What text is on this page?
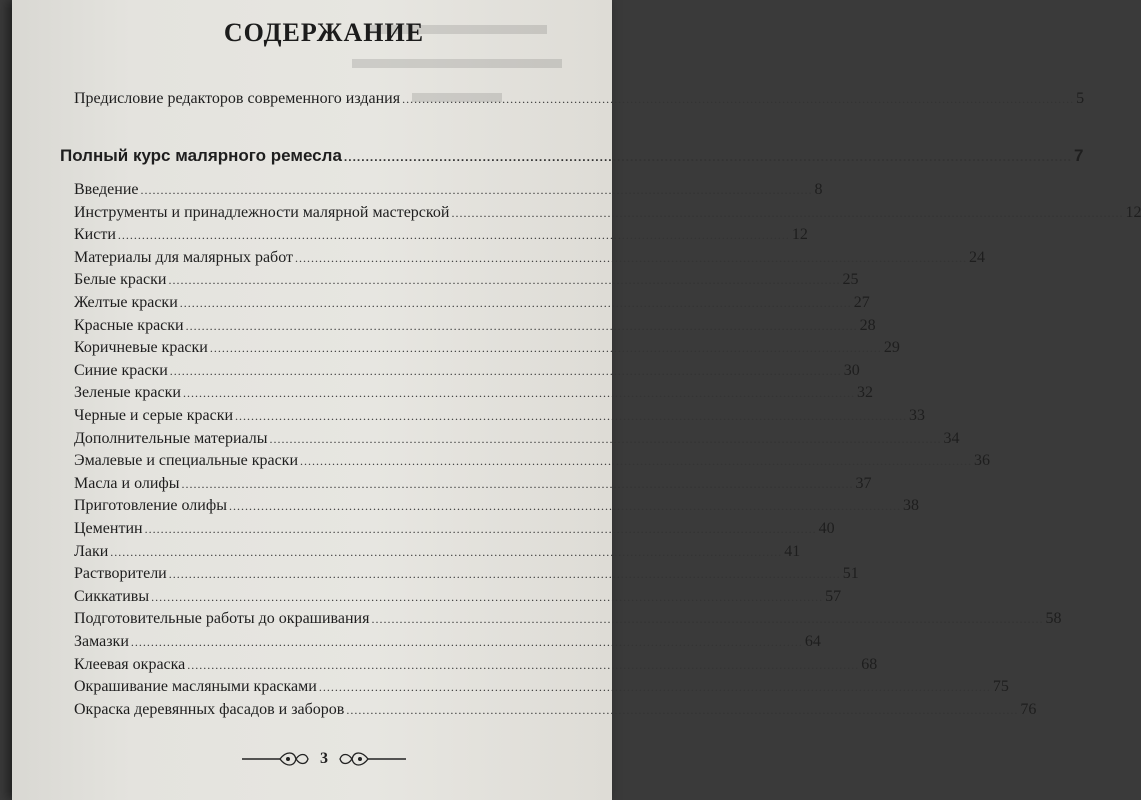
▬▬▬▬▬▬
▬▬▬▬▬▬▬
▬▬▬
СОДЕРЖАНИЕ
Предисловие редакторов современного издания .....	5
Полный курс малярного ремесла .....	7
Введение .....	8
Инструменты и принадлежности малярной мастерской .....	12
Кисти .....	12
Материалы для малярных работ .....	24
Белые краски .....	25
Желтые краски .....	27
Красные краски .....	28
Коричневые краски .....	29
Синие краски .....	30
Зеленые краски .....	32
Черные и серые краски .....	33
Дополнительные материалы .....	34
Эмалевые и специальные краски .....	36
Масла и олифы .....	37
Приготовление олифы .....	38
Цементин .....	40
Лаки .....	41
Растворители .....	51
Сиккативы .....	57
Подготовительные работы до окрашивания .....	58
Замазки .....	64
Клеевая окраска .....	68
Окрашивание масляными красками .....	75
Окраска деревянных фасадов и заборов .....	76
3
